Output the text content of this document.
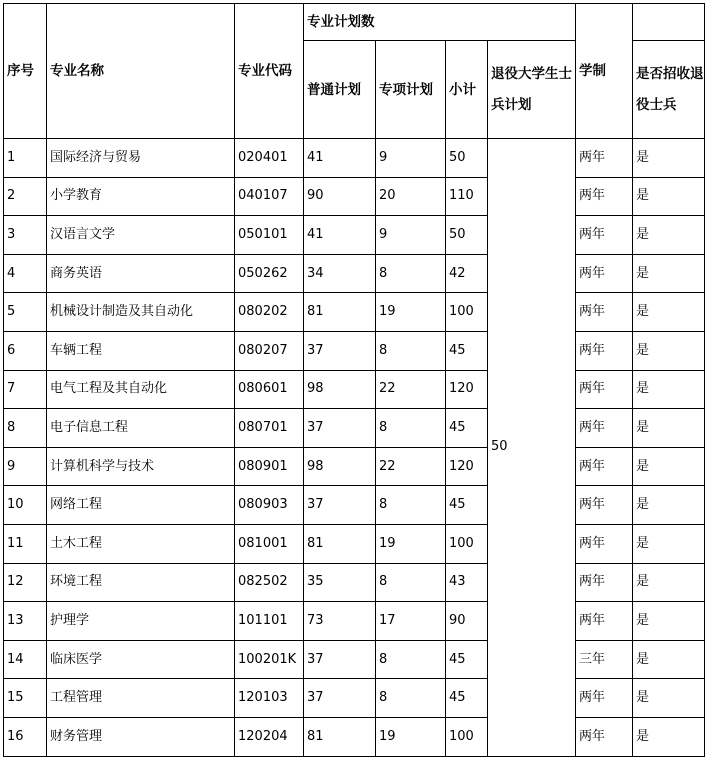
序号	专业名称	专业代码	专业计划数				学制	
			普通计划	专项计划	小计	退役大学生士兵计划		是否招收退役士兵
1	国际经济与贸易	020401	41	9	50	50	两年	是
2	小学教育	040107	90	20	110		两年	是
3	汉语言文学	050101	41	9	50		两年	是
4	商务英语	050262	34	8	42		两年	是
5	机械设计制造及其自动化	080202	81	19	100		两年	是
6	车辆工程	080207	37	8	45		两年	是
7	电气工程及其自动化	080601	98	22	120		两年	是
8	电子信息工程	080701	37	8	45		两年	是
9	计算机科学与技术	080901	98	22	120		两年	是
10	网络工程	080903	37	8	45		两年	是
11	土木工程	081001	81	19	100		两年	是
12	环境工程	082502	35	8	43		两年	是
13	护理学	101101	73	17	90		两年	是
14	临床医学	100201K	37	8	45		三年	是
15	工程管理	120103	37	8	45		两年	是
16	财务管理	120204	81	19	100		两年	是
